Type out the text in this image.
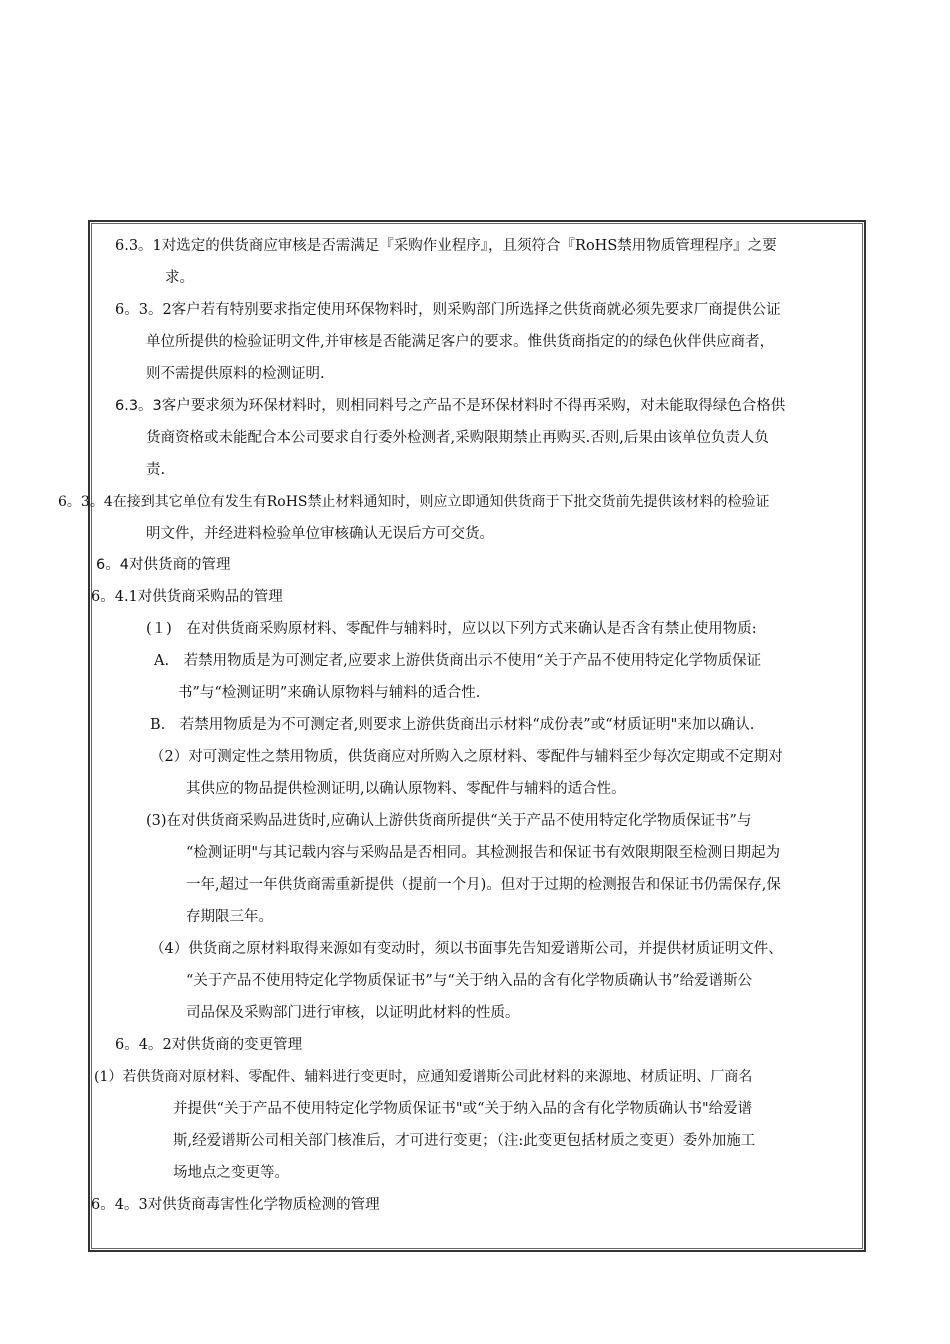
6.3。1对选定的供货商应审核是否需满足『采购作业程序』，且须符合『RoHS禁用物质管理程序』之要
求。
6。3。2客户若有特别要求指定使用环保物料时，则采购部门所选择之供货商就必须先要求厂商提供公证
单位所提供的检验证明文件,并审核是否能满足客户的要求。惟供货商指定的的绿色伙伴供应商者，
则不需提供原料的检测证明.
6.3。3客户要求须为环保材料时，则相同料号之产品不是环保材料时不得再采购，对未能取得绿色合格供
货商资格或未能配合本公司要求自行委外检测者,采购限期禁止再购买.否则,后果由该单位负责人负
责.
6。3。4在接到其它单位有发生有RoHS禁止材料通知时，则应立即通知供货商于下批交货前先提供该材料的检验证
明文件，并经进料检验单位审核确认无误后方可交货。
6。4对供货商的管理
6。4.1对供货商采购品的管理
(１)　在对供货商采购原材料、零配件与辅料时，应以以下列方式来确认是否含有禁止使用物质:
A.　若禁用物质是为可测定者,应要求上游供货商出示不使用“关于产品不使用特定化学物质保证
书”与“检测证明”来确认原物料与辅料的适合性.
B.　若禁用物质是为不可测定者,则要求上游供货商出示材料“成份表”或“材质证明"来加以确认.
（2）对可测定性之禁用物质，供货商应对所购入之原材料、零配件与辅料至少每次定期或不定期对
其供应的物品提供检测证明,以确认原物料、零配件与辅料的适合性。
(3)在对供货商采购品进货时,应确认上游供货商所提供“关于产品不使用特定化学物质保证书”与
“检测证明"与其记载内容与采购品是否相同。其检测报告和保证书有效限期限至检测日期起为
一年,超过一年供货商需重新提供（提前一个月)。但对于过期的检测报告和保证书仍需保存,保
存期限三年。
（4）供货商之原材料取得来源如有变动时，须以书面事先告知爱谱斯公司，并提供材质证明文件、
“关于产品不使用特定化学物质保证书”与“关于纳入品的含有化学物质确认书”给爱谱斯公
司品保及采购部门进行审核，以证明此材料的性质。
6。4。2对供货商的变更管理
(1）若供货商对原材料、零配件、辅料进行变更时，应通知爱谱斯公司此材料的来源地、材质证明、厂商名
并提供“关于产品不使用特定化学物质保证书"或“关于纳入品的含有化学物质确认书"给爱谱
斯,经爱谱斯公司相关部门核准后，才可进行变更；（注:此变更包括材质之变更）委外加施工
场地点之变更等。
6。4。3对供货商毒害性化学物质检测的管理
